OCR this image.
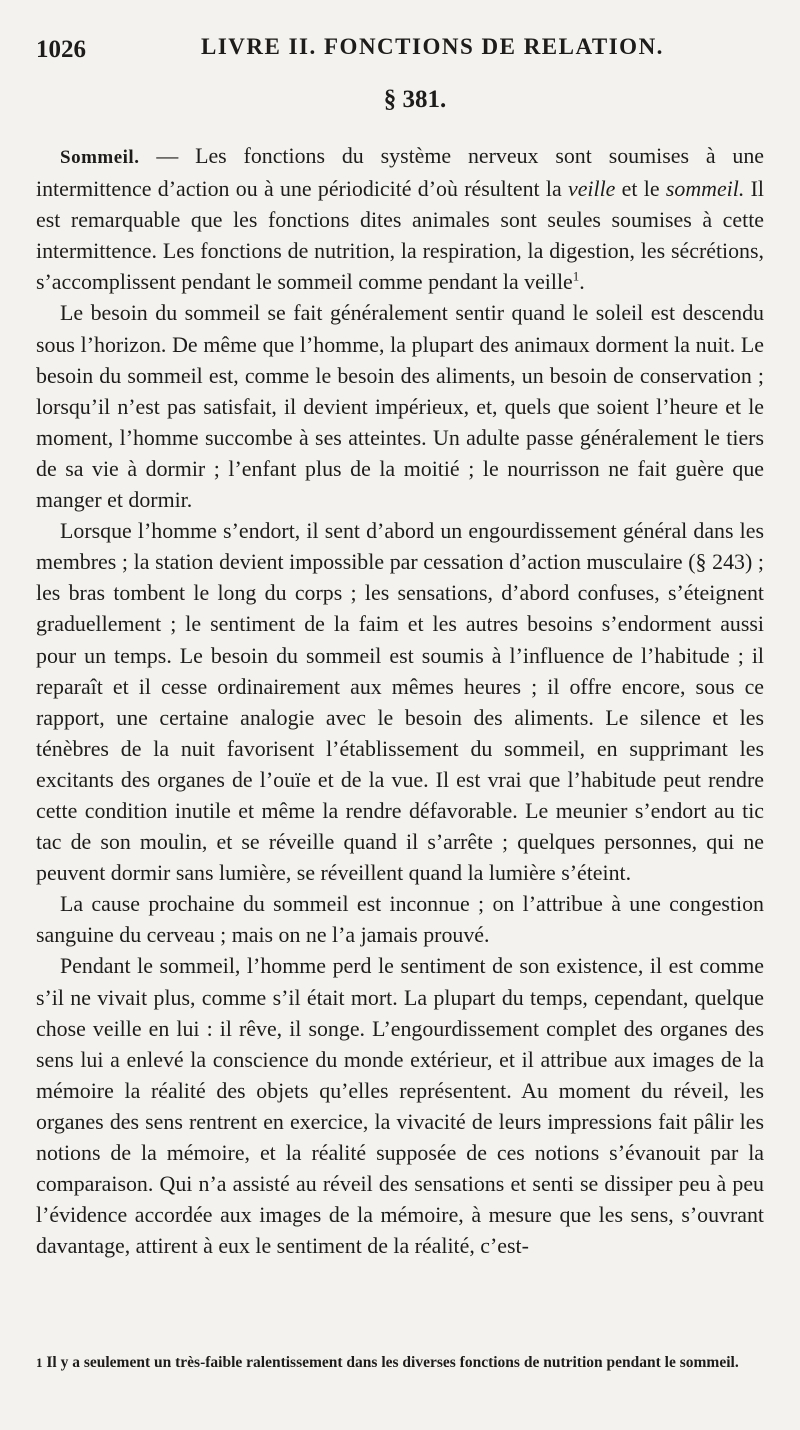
1026	LIVRE II. FONCTIONS DE RELATION.
§ 381.

Sommeil. — Les fonctions du système nerveux sont soumises à une intermittence d’action ou à une périodicité d’où résultent la veille et le sommeil. Il est remarquable que les fonctions dites animales sont seules soumises à cette intermittence. Les fonctions de nutrition, la respiration, la digestion, les sécrétions, s’accomplissent pendant le sommeil comme pendant la veille$^1$.

Le besoin du sommeil se fait généralement sentir quand le soleil est descendu sous l’horizon. De même que l’homme, la plupart des animaux dorment la nuit. Le besoin du sommeil est, comme le besoin des aliments, un besoin de conservation ; lorsqu’il n’est pas satisfait, il devient impérieux, et, quels que soient l’heure et le moment, l’homme succombe à ses atteintes. Un adulte passe généralement le tiers de sa vie à dormir ; l’enfant plus de la moitié ; le nourrisson ne fait guère que manger et dormir.

Lorsque l’homme s’endort, il sent d’abord un engourdissement général dans les membres ; la station devient impossible par cessation d’action musculaire (§ 243) ; les bras tombent le long du corps ; les sensations, d’abord confuses, s’éteignent graduellement ; le sentiment de la faim et les autres besoins s’endorment aussi pour un temps. Le besoin du sommeil est soumis à l’influence de l’habitude ; il reparaît et il cesse ordinairement aux mêmes heures ; il offre encore, sous ce rapport, une certaine analogie avec le besoin des aliments. Le silence et les ténèbres de la nuit favorisent l’établissement du sommeil, en supprimant les excitants des organes de l’ouïe et de la vue. Il est vrai que l’habitude peut rendre cette condition inutile et même la rendre défavorable. Le meunier s’endort au tic tac de son moulin, et se réveille quand il s’arrête ; quelques personnes, qui ne peuvent dormir sans lumière, se réveillent quand la lumière s’éteint.

La cause prochaine du sommeil est inconnue ; on l’attribue à une congestion sanguine du cerveau ; mais on ne l’a jamais prouvé.

Pendant le sommeil, l’homme perd le sentiment de son existence, il est comme s’il ne vivait plus, comme s’il était mort. La plupart du temps, cependant, quelque chose veille en lui : il rêve, il songe. L’engourdissement complet des organes des sens lui a enlevé la conscience du monde extérieur, et il attribue aux images de la mémoire la réalité des objets qu’elles représentent. Au moment du réveil, les organes des sens rentrent en exercice, la vivacité de leurs impressions fait pâlir les notions de la mémoire, et la réalité supposée de ces notions s’évanouit par la comparaison. Qui n’a assisté au réveil des sensations et senti se dissiper peu à peu l’évidence accordée aux images de la mémoire, à mesure que les sens, s’ouvrant davantage, attirent à eux le sentiment de la réalité, c’est-

1 Il y a seulement un très-faible ralentissement dans les diverses fonctions de nutrition pendant le sommeil.
